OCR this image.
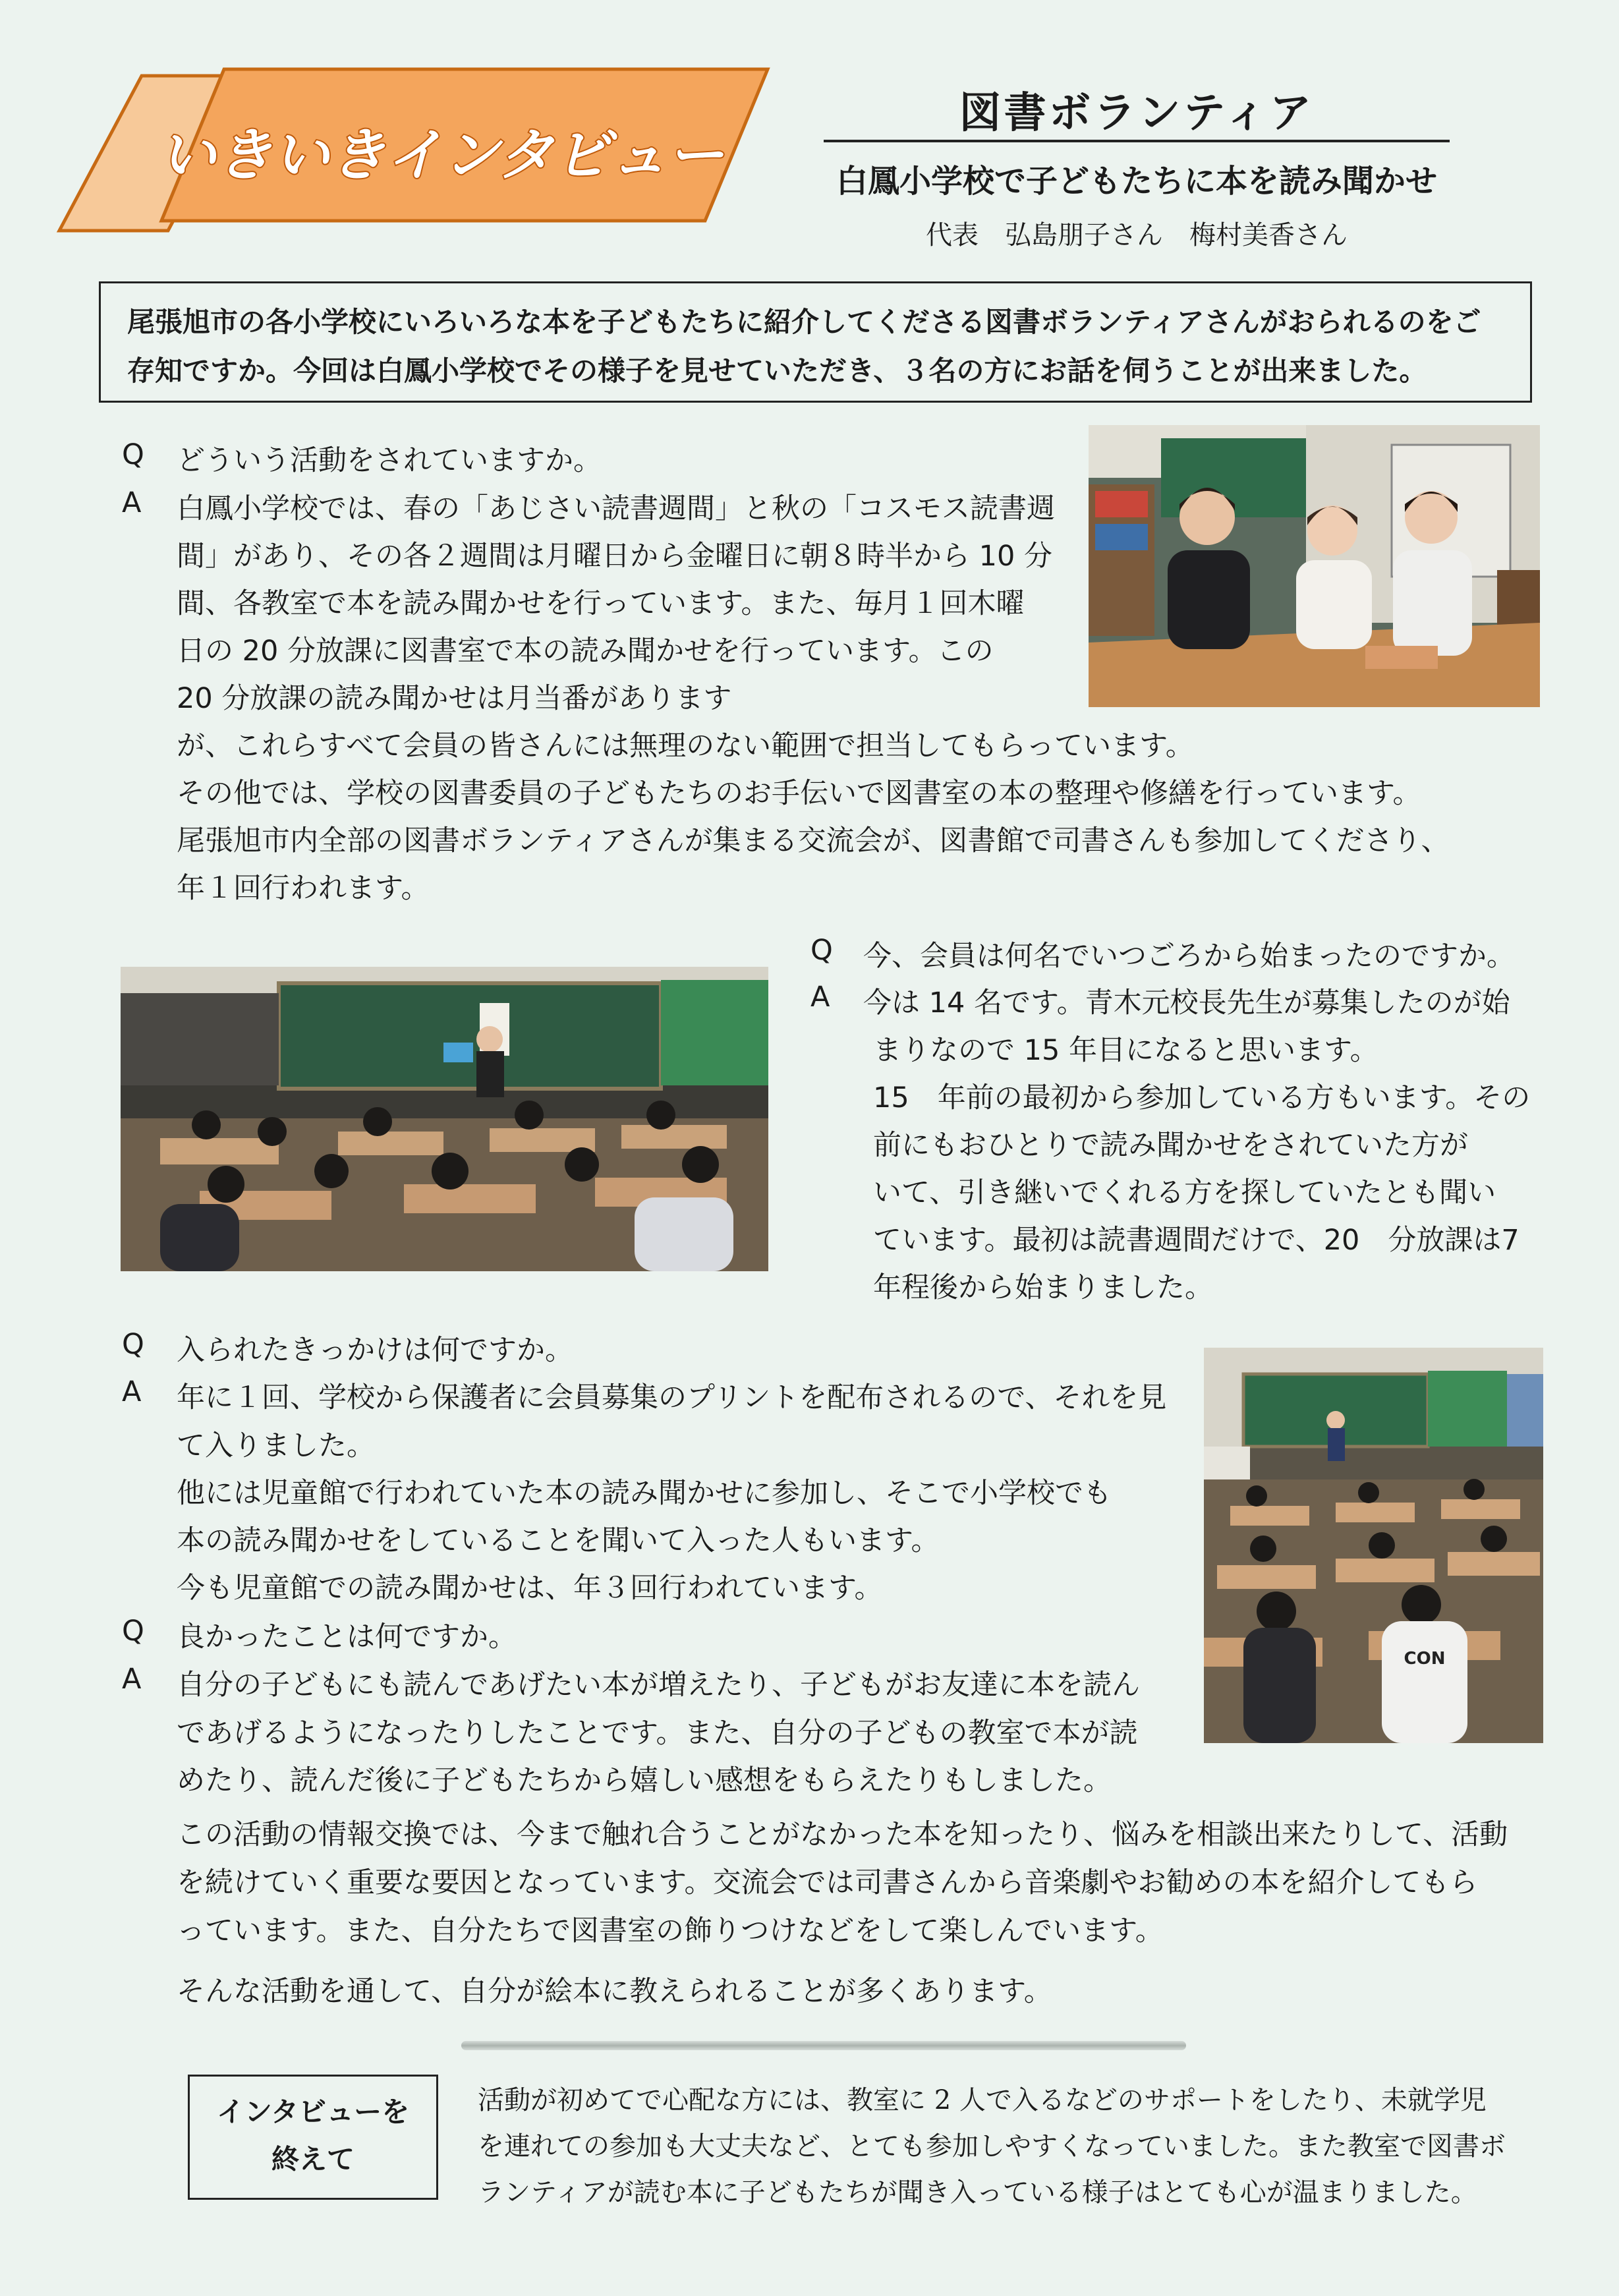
いきいきインタビュー
図書ボランティア
白鳳小学校で子どもたちに本を読み聞かせ
代表　弘島朋子さん　梅村美香さん
尾張旭市の各小学校にいろいろな本を子どもたちに紹介してくださる図書ボランティアさんがおられるのをご
存知ですか。今回は白鳳小学校でその様子を見せていただき、３名の方にお話を伺うことが出来ました。
Q どういう活動をされていますか。
A 白鳳小学校では、春の「あじさい読書週間」と秋の「コスモス読書週
間」があり、その各２週間は月曜日から金曜日に朝８時半から 10 分
間、各教室で本を読み聞かせを行っています。また、毎月１回木曜
日の 20 分放課に図書室で本の読み聞かせを行っています。この
20 分放課の読み聞かせは月当番があります
が、これらすべて会員の皆さんには無理のない範囲で担当してもらっています。
その他では、学校の図書委員の子どもたちのお手伝いで図書室の本の整理や修繕を行っています。
尾張旭市内全部の図書ボランティアさんが集まる交流会が、図書館で司書さんも参加してくださり、
年１回行われます。
Q 今、会員は何名でいつごろから始まったのですか。
A 今は 14 名です。青木元校長先生が募集したのが始
まりなので 15 年目になると思います。
15　年前の最初から参加している方もいます。その
前にもおひとりで読み聞かせをされていた方が
いて、引き継いでくれる方を探していたとも聞い
ています。最初は読書週間だけで、20　分放課は7
年程後から始まりました。
CON
Q 入られたきっかけは何ですか。
A 年に１回、学校から保護者に会員募集のプリントを配布されるので、それを見
て入りました。
他には児童館で行われていた本の読み聞かせに参加し、そこで小学校でも
本の読み聞かせをしていることを聞いて入った人もいます。
今も児童館での読み聞かせは、年３回行われています。
Q 良かったことは何ですか。
A 自分の子どもにも読んであげたい本が増えたり、子どもがお友達に本を読ん
であげるようになったりしたことです。また、自分の子どもの教室で本が読
めたり、読んだ後に子どもたちから嬉しい感想をもらえたりもしました。
この活動の情報交換では、今まで触れ合うことがなかった本を知ったり、悩みを相談出来たりして、活動
を続けていく重要な要因となっています。交流会では司書さんから音楽劇やお勧めの本を紹介してもら
っています。また、自分たちで図書室の飾りつけなどをして楽しんでいます。
そんな活動を通して、自分が絵本に教えられることが多くあります。
インタビューを
終えて
活動が初めてで心配な方には、教室に 2 人で入るなどのサポートをしたり、未就学児
を連れての参加も大丈夫など、とても参加しやすくなっていました。また教室で図書ボ
ランティアが読む本に子どもたちが聞き入っている様子はとても心が温まりました。
